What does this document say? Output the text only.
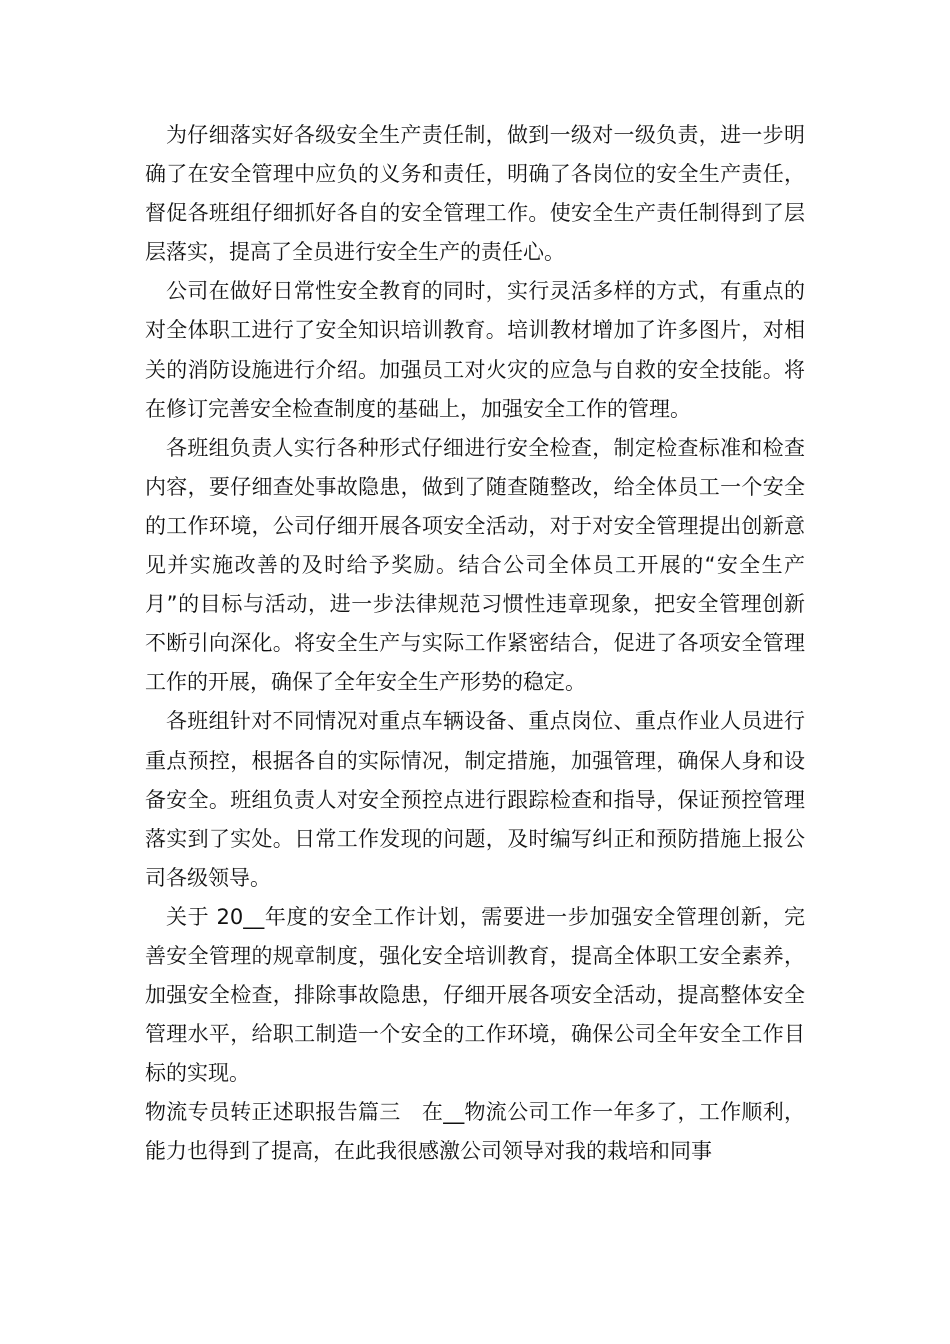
为仔细落实好各级安全生产责任制，做到一级对一级负责，进一步明确了在安全管理中应负的义务和责任，明确了各岗位的安全生产责任，督促各班组仔细抓好各自的安全管理工作。使安全生产责任制得到了层层落实，提高了全员进行安全生产的责任心。

公司在做好日常性安全教育的同时，实行灵活多样的方式，有重点的对全体职工进行了安全知识培训教育。培训教材增加了许多图片，对相关的消防设施进行介绍。加强员工对火灾的应急与自救的安全技能。将在修订完善安全检查制度的基础上，加强安全工作的管理。

各班组负责人实行各种形式仔细进行安全检查，制定检查标准和检查内容，要仔细查处事故隐患，做到了随查随整改，给全体员工一个安全的工作环境，公司仔细开展各项安全活动，对于对安全管理提出创新意见并实施改善的及时给予奖励。结合公司全体员工开展的“安全生产月”的目标与活动，进一步法律规范习惯性违章现象，把安全管理创新不断引向深化。将安全生产与实际工作紧密结合，促进了各项安全管理工作的开展，确保了全年安全生产形势的稳定。

各班组针对不同情况对重点车辆设备、重点岗位、重点作业人员进行重点预控，根据各自的实际情况，制定措施，加强管理，确保人身和设备安全。班组负责人对安全预控点进行跟踪检查和指导，保证预控管理落实到了实处。日常工作发现的问题，及时编写纠正和预防措施上报公司各级领导。

关于 20__年度的安全工作计划，需要进一步加强安全管理创新，完善安全管理的规章制度，强化安全培训教育，提高全体职工安全素养，加强安全检查，排除事故隐患，仔细开展各项安全活动，提高整体安全管理水平，给职工制造一个安全的工作环境，确保公司全年安全工作目标的实现。

物流专员转正述职报告篇三　在__物流公司工作一年多了，工作顺利，能力也得到了提高，在此我很感激公司领导对我的栽培和同事
